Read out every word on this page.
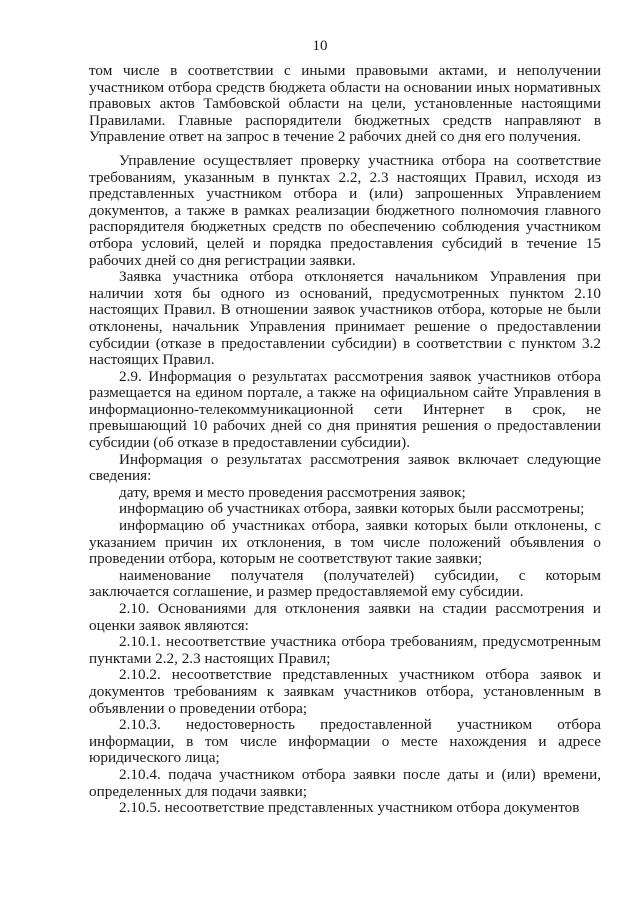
10

том числе в соответствии с иными правовыми актами, и неполучении участником отбора средств бюджета области на основании иных нормативных правовых актов Тамбовской области на цели, установленные настоящими Правилами. Главные распорядители бюджетных средств направляют в Управление ответ на запрос в течение 2 рабочих дней со дня его получения.

Управление осуществляет проверку участника отбора на соответствие требованиям, указанным в пунктах 2.2, 2.3 настоящих Правил, исходя из представленных участником отбора и (или) запрошенных Управлением документов, а также в рамках реализации бюджетного полномочия главного распорядителя бюджетных средств по обеспечению соблюдения участником отбора условий, целей и порядка предоставления субсидий в течение 15 рабочих дней со дня регистрации заявки.

Заявка участника отбора отклоняется начальником Управления при наличии хотя бы одного из оснований, предусмотренных пунктом 2.10 настоящих Правил. В отношении заявок участников отбора, которые не были отклонены, начальник Управления принимает решение о предоставлении субсидии (отказе в предоставлении субсидии) в соответствии с пунктом 3.2 настоящих Правил.

2.9. Информация о результатах рассмотрения заявок участников отбора размещается на едином портале, а также на официальном сайте Управления в информационно-телекоммуникационной сети Интернет в срок, не превышающий 10 рабочих дней со дня принятия решения о предоставлении субсидии (об отказе в предоставлении субсидии).

Информация о результатах рассмотрения заявок включает следующие сведения:

дату, время и место проведения рассмотрения заявок;

информацию об участниках отбора, заявки которых были рассмотрены;

информацию об участниках отбора, заявки которых были отклонены, с указанием причин их отклонения, в том числе положений объявления о проведении отбора, которым не соответствуют такие заявки;

наименование получателя (получателей) субсидии, с которым заключается соглашение, и размер предоставляемой ему субсидии.

2.10. Основаниями для отклонения заявки на стадии рассмотрения и оценки заявок являются:

2.10.1. несоответствие участника отбора требованиям, предусмотренным пунктами 2.2, 2.3 настоящих Правил;

2.10.2. несоответствие представленных участником отбора заявок и документов требованиям к заявкам участников отбора, установленным в объявлении о проведении отбора;

2.10.3. недостоверность предоставленной участником отбора информации, в том числе информации о месте нахождения и адресе юридического лица;

2.10.4. подача участником отбора заявки после даты и (или) времени, определенных для подачи заявки;

2.10.5. несоответствие представленных участником отбора документов
